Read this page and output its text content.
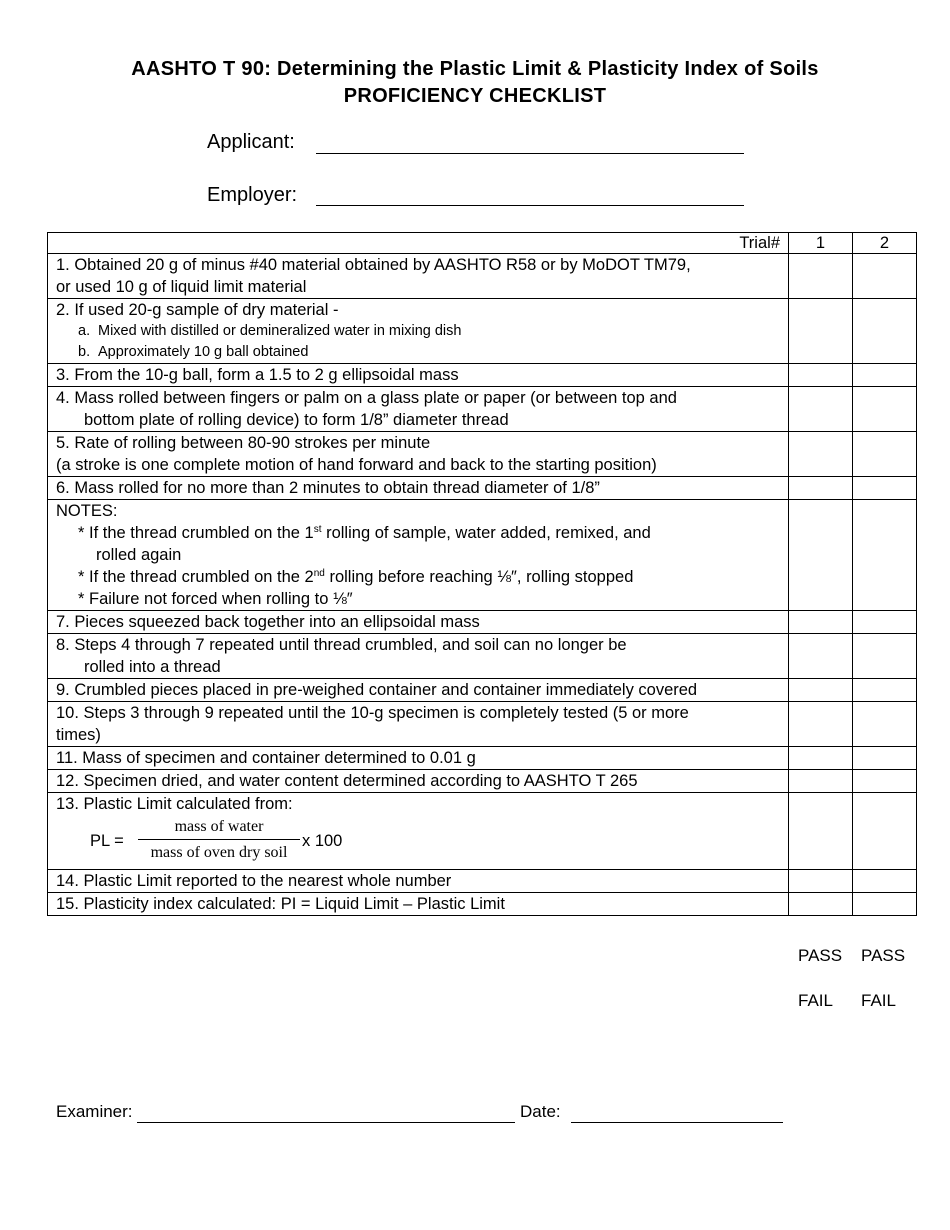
AASHTO T 90: Determining the Plastic Limit & Plasticity Index of Soils
PROFICIENCY CHECKLIST
Applicant:
Employer:
Trial#	1	2

1. Obtained 20 g of minus #40 material obtained by AASHTO R58 or by MoDOT TM79,
or used 10 g of liquid limit material		

2. If used 20-g sample of dry material -
a. Mixed with distilled or demineralized water in mixing dish
b. Approximately 10 g ball obtained		

3. From the 10-g ball, form a 1.5 to 2 g ellipsoidal mass		

4. Mass rolled between fingers or palm on a glass plate or paper (or between top and
bottom plate of rolling device) to form 1/8” diameter thread		

5. Rate of rolling between 80-90 strokes per minute
(a stroke is one complete motion of hand forward and back to the starting position)		

6. Mass rolled for no more than 2 minutes to obtain thread diameter of 1/8”		

NOTES:
* If the thread crumbled on the 1st rolling of sample, water added, remixed, and
rolled again
* If the thread crumbled on the 2nd rolling before reaching ⅛″, rolling stopped
* Failure not forced when rolling to ⅛″		

7. Pieces squeezed back together into an ellipsoidal mass		

8. Steps 4 through 7 repeated until thread crumbled, and soil can no longer be
rolled into a thread		

9. Crumbled pieces placed in pre-weighed container and container immediately covered		

10. Steps 3 through 9 repeated until the 10-g specimen is completely tested (5 or more
times)		

11. Mass of specimen and container determined to 0.01 g		
12. Specimen dried, and water content determined according to AASHTO T 265		

13. Plastic Limit calculated from:
PL =
mass of water
mass of oven dry soil
x 100		

14. Plastic Limit reported to the nearest whole number		
15. Plasticity index calculated: PI = Liquid Limit – Plastic Limit		
PASS PASS
FAIL FAIL
Examiner:	Date:
